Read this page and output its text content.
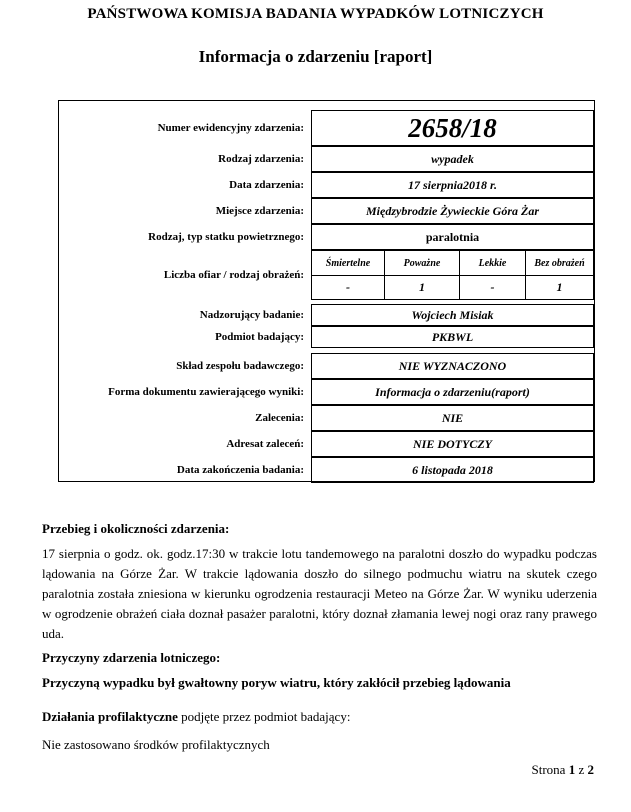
PAŃSTWOWA KOMISJA BADANIA WYPADKÓW LOTNICZYCH
Informacja o zdarzeniu [raport]
Numer ewidencyjny zdarzenia:	2658/18
Rodzaj zdarzenia:	wypadek
Data zdarzenia:	17 sierpnia2018 r.
Miejsce zdarzenia:	Międzybrodzie Żywieckie Góra Żar
Rodzaj, typ statku powietrznego:	paralotnia
Liczba ofiar / rodzaj obrażeń:
Śmiertelne	Poważne	Lekkie	Bez obrażeń
-	1	-	1
Nadzorujący badanie:	Wojciech Misiak
Podmiot badający:	PKBWL
Skład zespołu badawczego:	NIE WYZNACZONO
Forma dokumentu zawierającego wyniki:	Informacja o zdarzeniu(raport)
Zalecenia:	NIE
Adresat zaleceń:	NIE DOTYCZY
Data zakończenia badania:	6 listopada 2018
Przebieg i okoliczności zdarzenia:
17 sierpnia o godz. ok. godz.17:30 w trakcie lotu tandemowego na paralotni doszło do wypadku podczas lądowania na Górze Żar. W trakcie lądowania doszło do silnego podmuchu wiatru na skutek czego paralotnia została zniesiona w kierunku ogrodzenia restauracji Meteo na Górze Żar. W wyniku uderzenia w ogrodzenie obrażeń ciała doznał pasażer paralotni, który doznał złamania lewej nogi oraz rany prawego uda.
Przyczyny zdarzenia lotniczego:
Przyczyną wypadku był gwałtowny poryw wiatru, który zakłócił przebieg lądowania
Działania profilaktyczne podjęte przez podmiot badający:
Nie zastosowano środków profilaktycznych
Strona 1 z 2
